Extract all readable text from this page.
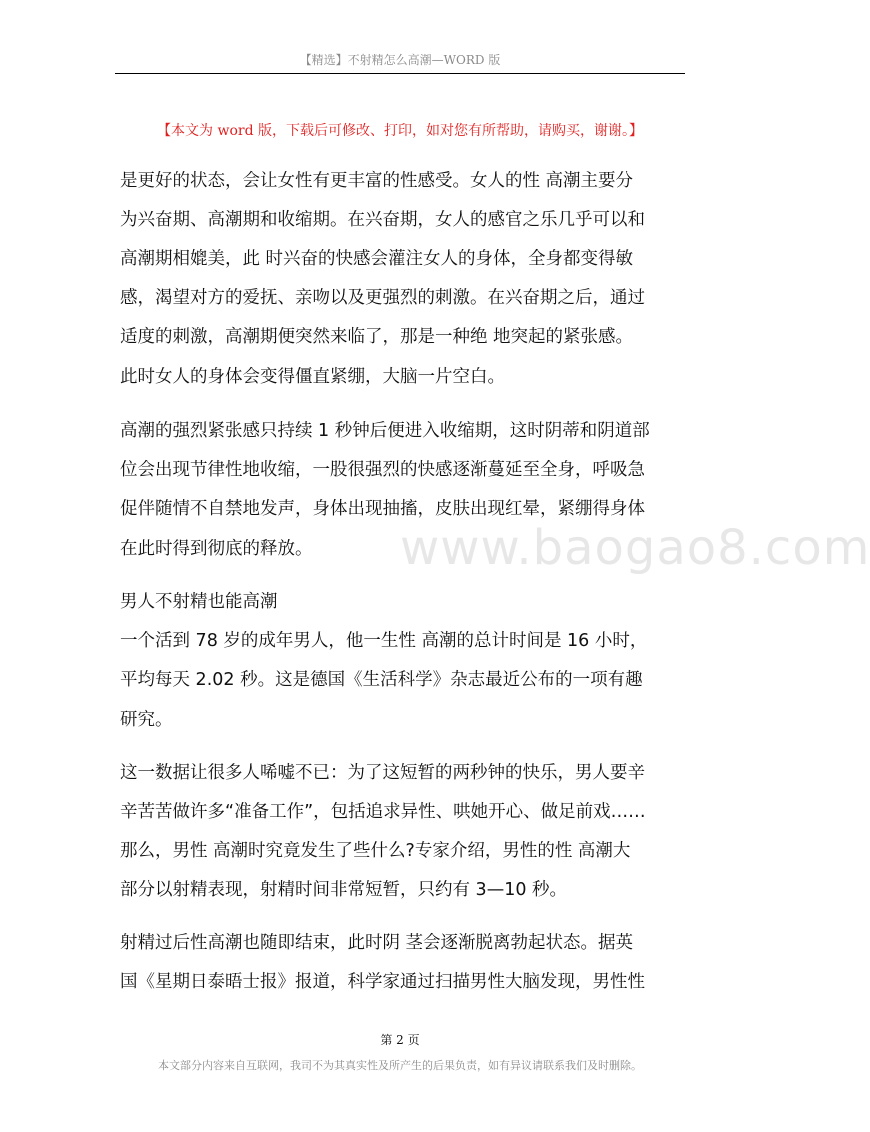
【精选】不射精怎么高潮—WORD 版
【本文为 word 版，下载后可修改、打印，如对您有所帮助，请购买，谢谢。】
是更好的状态，会让女性有更丰富的性感受。女人的性 高潮主要分
为兴奋期、高潮期和收缩期。在兴奋期，女人的感官之乐几乎可以和
高潮期相媲美，此 时兴奋的快感会灌注女人的身体，全身都变得敏
感，渴望对方的爱抚、亲吻以及更强烈的刺激。在兴奋期之后，通过
适度的刺激，高潮期便突然来临了，那是一种绝 地突起的紧张感。
此时女人的身体会变得僵直紧绷，大脑一片空白。
高潮的强烈紧张感只持续 1 秒钟后便进入收缩期，这时阴蒂和阴道部
位会出现节律性地收缩，一股很强烈的快感逐渐蔓延至全身，呼吸急
促伴随情不自禁地发声，身体出现抽搐，皮肤出现红晕，紧绷得身体
在此时得到彻底的释放。
男人不射精也能高潮
一个活到 78 岁的成年男人，他一生性 高潮的总计时间是 16 小时，
平均每天 2.02 秒。这是德国《生活科学》杂志最近公布的一项有趣
研究。
这一数据让很多人唏嘘不已：为了这短暂的两秒钟的快乐，男人要辛
辛苦苦做许多“准备工作”，包括追求异性、哄她开心、做足前戏……
那么，男性 高潮时究竟发生了些什么?专家介绍，男性的性 高潮大
部分以射精表现，射精时间非常短暂，只约有 3—10 秒。
射精过后性高潮也随即结束，此时阴 茎会逐渐脱离勃起状态。据英
国《星期日泰晤士报》报道，科学家通过扫描男性大脑发现，男性性
www.baogao8.com
第 2 页
本文部分内容来自互联网，我司不为其真实性及所产生的后果负责，如有异议请联系我们及时删除。
